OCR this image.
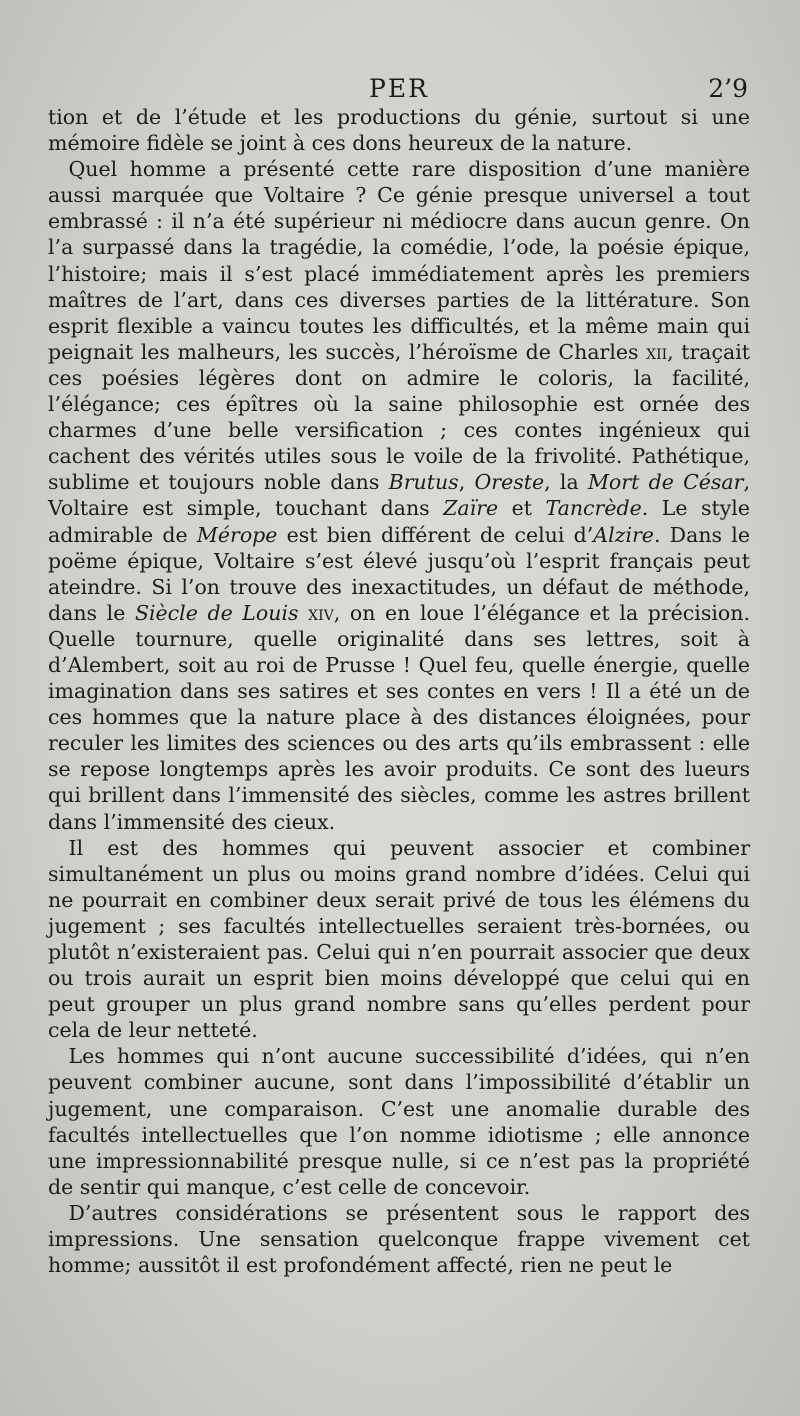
PER	2’9

tion et de l’étude et les productions du génie, surtout si une mémoire fidèle se joint à ces dons heureux de la nature.

Quel homme a présenté cette rare disposition d’une manière aussi marquée que Voltaire ? Ce génie presque universel a tout embrassé : il n’a été supérieur ni médiocre dans aucun genre. On l’a surpassé dans la tragédie, la comédie, l’ode, la poésie épique, l’histoire; mais il s’est placé immédiatement après les premiers maîtres de l’art, dans ces diverses parties de la littérature. Son esprit flexible a vaincu toutes les difficultés, et la même main qui peignait les malheurs, les succès, l’héroïsme de Charles xii, traçait ces poésies légères dont on admire le coloris, la facilité, l’élégance; ces épîtres où la saine philosophie est ornée des charmes d’une belle versification ; ces contes ingénieux qui cachent des vérités utiles sous le voile de la frivolité. Pathétique, sublime et toujours noble dans Brutus, Oreste, la Mort de César, Voltaire est simple, touchant dans Zaïre et Tancrède. Le style admirable de Mérope est bien différent de celui d’Alzire. Dans le poëme épique, Voltaire s’est élevé jusqu’où l’esprit français peut ateindre. Si l’on trouve des inexactitudes, un défaut de méthode, dans le Siècle de Louis xiv, on en loue l’élégance et la précision. Quelle tournure, quelle originalité dans ses lettres, soit à d’Alembert, soit au roi de Prusse ! Quel feu, quelle énergie, quelle imagination dans ses satires et ses contes en vers ! Il a été un de ces hommes que la nature place à des distances éloignées, pour reculer les limites des sciences ou des arts qu’ils embrassent : elle se repose longtemps après les avoir produits. Ce sont des lueurs qui brillent dans l’immensité des siècles, comme les astres brillent dans l’immensité des cieux.

Il est des hommes qui peuvent associer et combiner simultanément un plus ou moins grand nombre d’idées. Celui qui ne pourrait en combiner deux serait privé de tous les élémens du jugement ; ses facultés intellectuelles seraient très-bornées, ou plutôt n’existeraient pas. Celui qui n’en pourrait associer que deux ou trois aurait un esprit bien moins développé que celui qui en peut grouper un plus grand nombre sans qu’elles perdent pour cela de leur netteté.

Les hommes qui n’ont aucune successibilité d’idées, qui n’en peuvent combiner aucune, sont dans l’impossibilité d’établir un jugement, une comparaison. C’est une anomalie durable des facultés intellectuelles que l’on nomme idiotisme ; elle annonce une impressionnabilité presque nulle, si ce n’est pas la propriété de sentir qui manque, c’est celle de concevoir.

D’autres considérations se présentent sous le rapport des impressions. Une sensation quelconque frappe vivement cet homme; aussitôt il est profondément affecté, rien ne peut le
